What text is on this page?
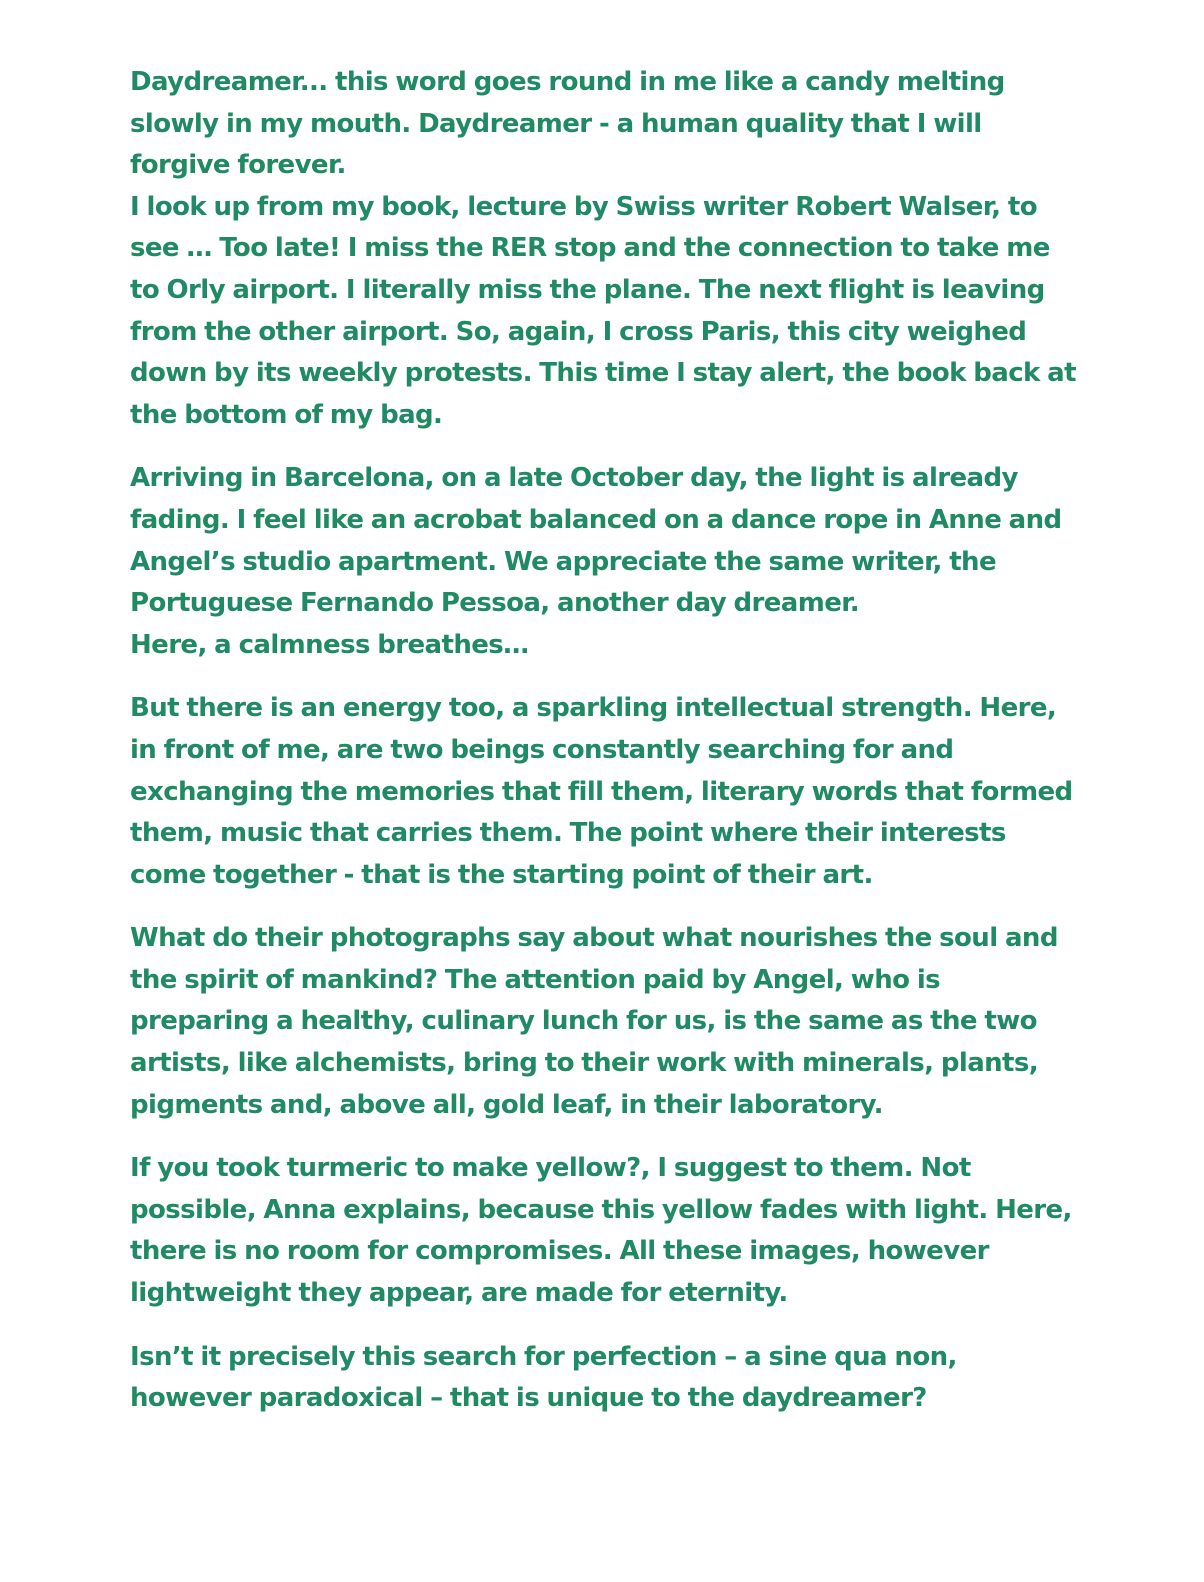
Daydreamer... this word goes round in me like a candy melting slowly in my mouth. Daydreamer - a human quality that I will forgive forever.
I look up from my book, lecture by Swiss writer Robert Walser, to see … Too late! I miss the RER stop and the connection to take me to Orly airport. I literally miss the plane. The next flight is leaving from the other airport. So, again, I cross Paris, this city weighed down by its weekly protests. This time I stay alert, the book back at the bottom of my bag.

Arriving in Barcelona, on a late October day, the light is already fading. I feel like an acrobat balanced on a dance rope in Anne and Angel’s studio apartment. We appreciate the same writer, the Portuguese Fernando Pessoa, another day dreamer.
Here, a calmness breathes…

But there is an energy too, a sparkling intellectual strength. Here, in front of me, are two beings constantly searching for and exchanging the memories that fill them, literary words that formed them, music that carries them. The point where their interests come together - that is the starting point of their art.

What do their photographs say about what nourishes the soul and the spirit of mankind? The attention paid by Angel, who is preparing a healthy, culinary lunch for us, is the same as the two artists, like alchemists, bring to their work with minerals, plants, pigments and, above all, gold leaf, in their laboratory.

If you took turmeric to make yellow?, I suggest to them. Not possible, Anna explains, because this yellow fades with light. Here, there is no room for compromises. All these images, however lightweight they appear, are made for eternity.

Isn’t it precisely this search for perfection – a sine qua non, however paradoxical – that is unique to the daydreamer?
